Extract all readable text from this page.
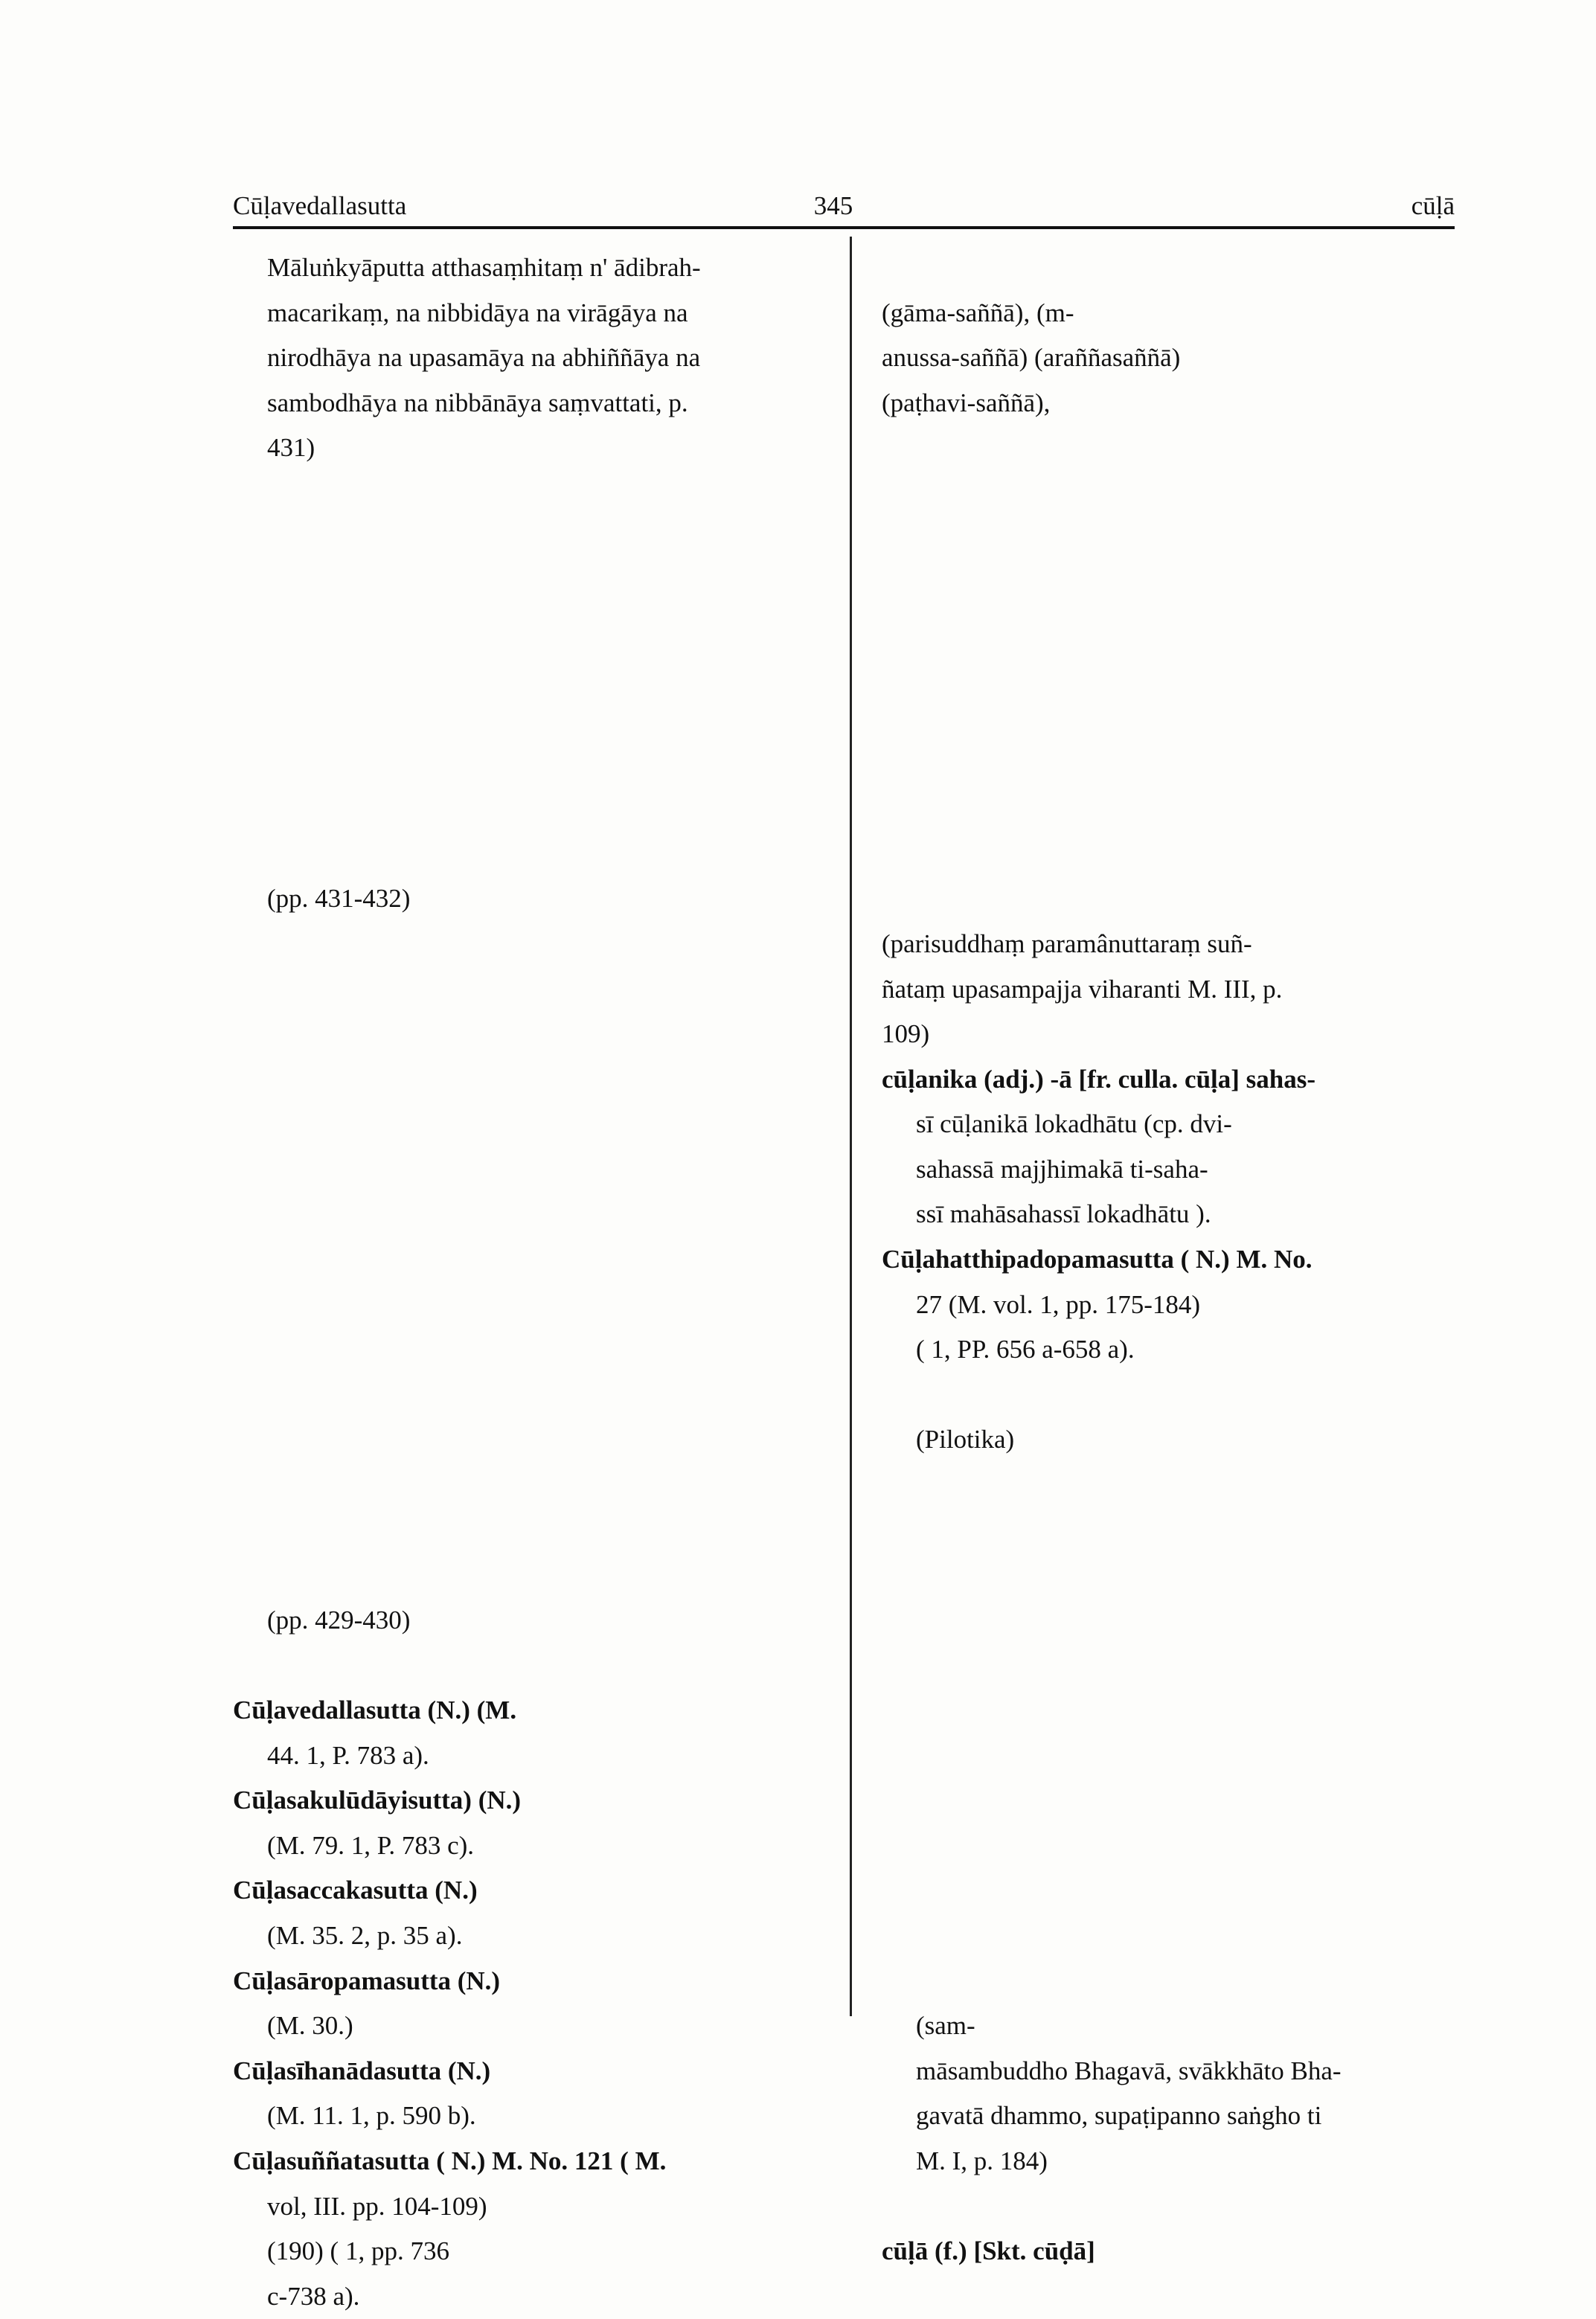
Cūḷavedallasutta	345	cūḷā
Māluṅkyāputta atthasaṃhitaṃ n' ādibrah-
macarikaṃ, na nibbidāya na virāgāya na
nirodhāya na upasamāya na abhiññāya na
sambodhāya na nibbānāya saṃvattati, p.
431)
(pp. 431-432)
(pp. 429-430)
Cūḷavedallasutta (N.) (M.
44. 1, P. 783 a).
Cūḷasakulūdāyisutta) (N.)
(M. 79. 1, P. 783 c).
Cūḷasaccakasutta (N.)
(M. 35. 2, p. 35 a).
Cūḷasāropamasutta (N.)
(M. 30.)
Cūḷasīhanādasutta (N.)
(M. 11. 1, p. 590 b).
Cūḷasuññatasutta ( N.) M. No. 121 ( M.
vol, III. pp. 104-109)
(190) ( 1, pp. 736
c-738 a).
(gāma-saññā), (m-
anussa-saññā) (araññasaññā)
(paṭhavi-saññā),
(parisuddhaṃ paramânuttaraṃ suñ-
ñataṃ upasampajja viharanti M. III, p.
109)
cūḷanika (adj.) -ā [fr. culla. cūḷa] sahas-
sī cūḷanikā lokadhātu (cp. dvi-
sahassā majjhimakā ti-saha-
ssī mahāsahassī lokadhātu ).
Cūḷahatthipadopamasutta ( N.) M. No.
27 (M. vol. 1, pp. 175-184)
( 1, PP. 656 a-658 a).
(Pilotika)
(sam-
māsambuddho Bhagavā, svākkhāto Bha-
gavatā dhammo, supaṭipanno saṅgho ti
M. I, p. 184)
cūḷā (f.) [Skt. cūḍā]
